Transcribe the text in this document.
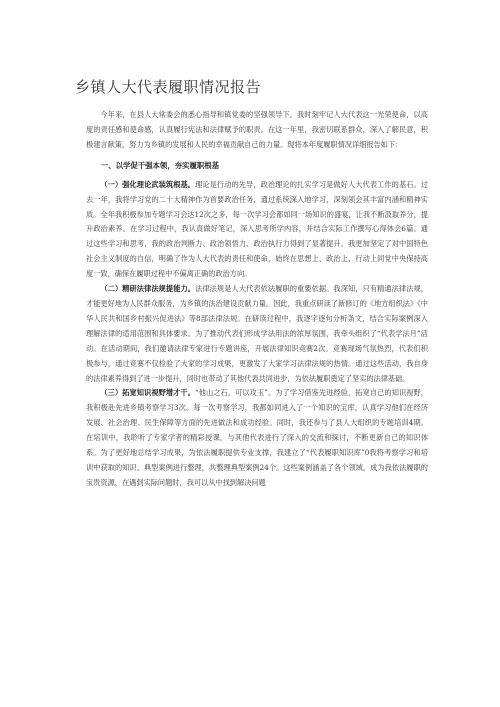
乡镇人大代表履职情况报告

今年来，在县人大常委会的悉心指导和镇党委的坚强领导下，我时刻牢记人大代表这一光荣使命，以高度的责任感和使命感，认真履行宪法和法律赋予的职责。在这一年里，我密切联系群众，深入了解民意，积极建言献策，努力为乡镇的发展和人民的幸福贡献自己的力量。现将本年度履职情况详细报告如下：

一、以学促干强本领，夯实履职根基

（一）强化理论武装筑根基。理论是行动的先导，政治理论的扎实学习是做好人大代表工作的基石。过去一年，我将学习党的二十大精神作为首要政治任务，通过系统深入地学习，深刻领会其丰富内涵和精神实质。全年我积极参加专题学习会达12次之多，每一次学习会都如同一场知识的盛宴，让我不断汲取养分，提升政治素养。在学习过程中，我认真做好笔记，深入思考所学内容，并结合实际工作撰写心得体会6篇。通过这些学习和思考，我的政治判断力、政治领悟力、政治执行力得到了显著提升。我更加坚定了对中国特色社会主义制度的自信，明确了作为人大代表的责任和使命，始终在思想上、政治上、行动上同党中央保持高度一致，确保在履职过程中不偏离正确的政治方向。

（二）精研法律法规提能力。法律法规是人大代表依法履职的重要依据。我深知，只有精通法律法规，才能更好地为人民群众服务，为乡镇的法治建设贡献力量。因此，我重点研读了新修订的《地方组织法》《中华人民共和国乡村振兴促进法》等8部法律法规。在研读过程中，我逐字逐句分析条文，结合实际案例深入理解法律的适用范围和具体要求。为了推动代表们形成学法用法的浓厚氛围，我牵头组织了“代表学法月”活动。在活动期间，我们邀请法律专家进行专题讲座，开展法律知识竞赛2次。竞赛现场气氛热烈，代表们积极参与，通过竞赛不仅检验了大家的学习成果，更激发了大家学习法律法规的热情。通过这些活动，我自身的法律素养得到了进一步提升，同时也带动了其他代表共同进步，为依法履职奠定了坚实的法律基础。

（三）拓宽知识视野增才干。“他山之石，可以攻玉”。为了学习借鉴先进经验，拓宽自己的知识视野，我积极赴先进乡镇考察学习3次。每一次考察学习，我都如同进入了一个知识的宝库，认真学习他们在经济发展、社会治理、民生保障等方面的先进做法和成功经验。同时，我还参与了县人大组织的专题培训4期。在培训中，我聆听了专家学者的精彩授课，与其他代表进行了深入的交流和探讨，不断更新自己的知识体系。为了更好地总结学习成果，为依法履职提供专业支撑，我建立了“代表履职知识库”0我将考察学习和培训中获取的知识、典型案例进行整理，共整理典型案例24个。这些案例涵盖了各个领域，成为我依法履职的宝贵资源，在遇到实际问题时，我可以从中找到解决问题
